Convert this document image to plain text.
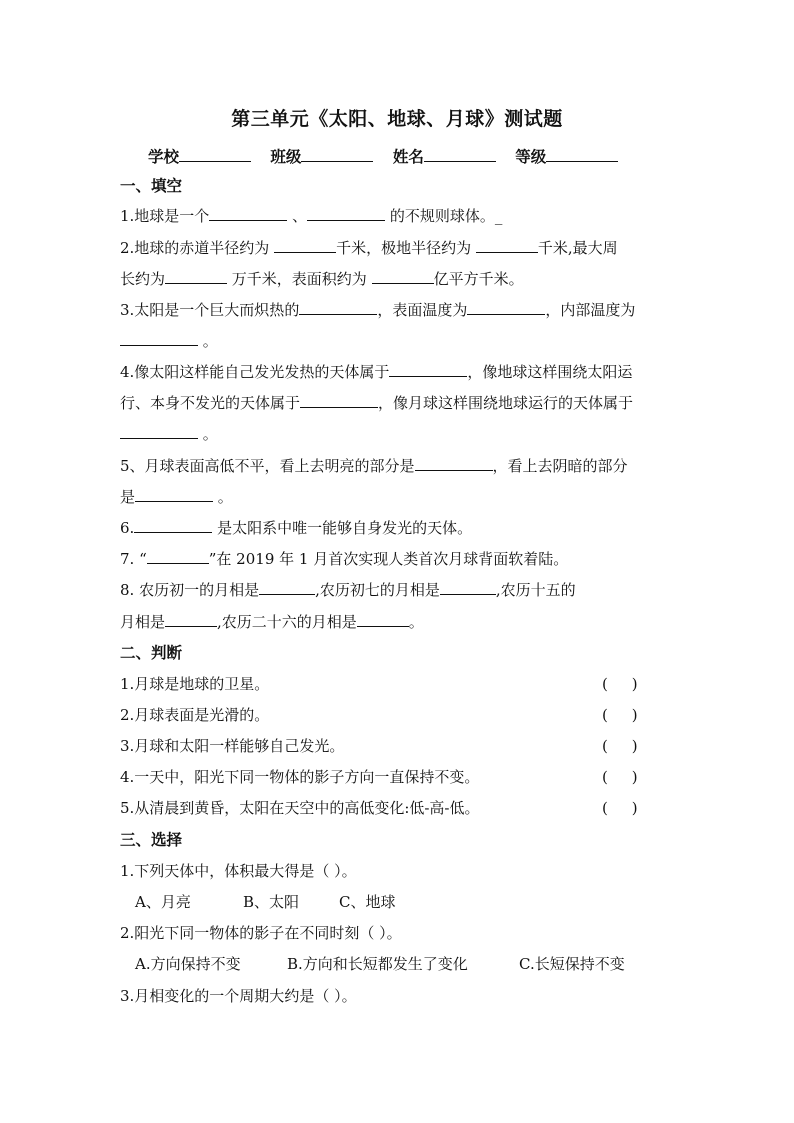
第三单元《太阳、地球、月球》测试题
学校	班级	姓名	等级
一、填空
1.地球是一个	、	的不规则球体。_
2.地球的赤道半径约为	千米，极地半径约为	千米,最大周
长约为	万千米，表面积约为	亿平方千米。
3.太阳是一个巨大而炽热的	，表面温度为	，内部温度为
。
4.像太阳这样能自己发光发热的天体属于	，像地球这样围绕太阳运
行、本身不发光的天体属于	，像月球这样围绕地球运行的天体属于
。
5、月球表面高低不平，看上去明亮的部分是	，看上去阴暗的部分
是	。
6.	是太阳系中唯一能够自身发光的天体。
7. “	”在 2019 年 1 月首次实现人类首次月球背面软着陆。
8. 农历初一的月相是	,农历初七的月相是	,农历十五的
月相是	,农历二十六的月相是	。
二、判断
1.月球是地球的卫星。	(     )
2.月球表面是光滑的。	(     )
3.月球和太阳一样能够自己发光。	(     )
4.一天中，阳光下同一物体的影子方向一直保持不变。	(     )
5.从清晨到黄昏，太阳在天空中的高低变化:低-高-低。	(     )
三、选择
1.下列天体中，体积最大得是（ ）。
A、月亮	B、太阳	C、地球
2.阳光下同一物体的影子在不同时刻（ ）。
A.方向保持不变	B.方向和长短都发生了变化	C.长短保持不变
3.月相变化的一个周期大约是（ ）。
